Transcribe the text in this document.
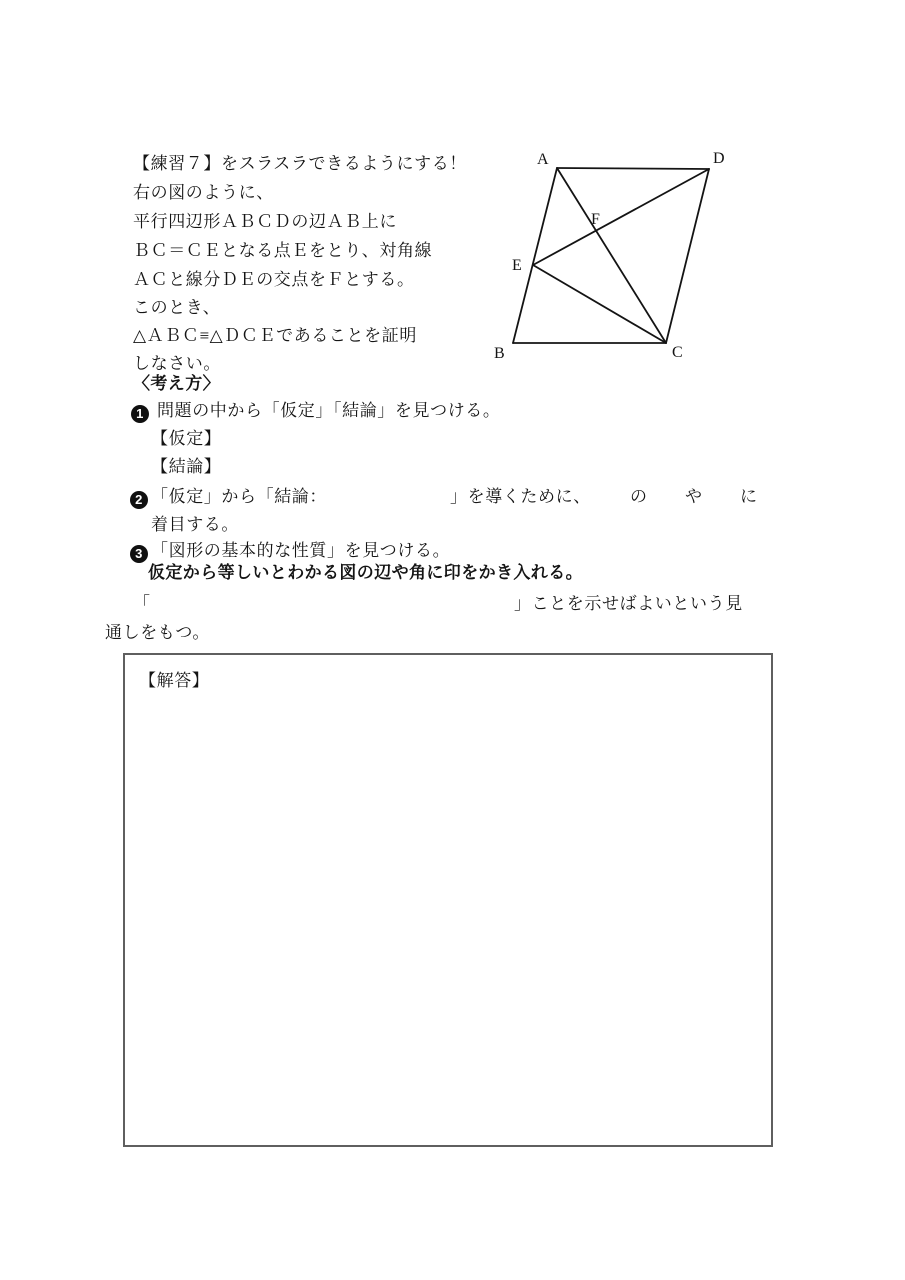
【練習７】をスラスラできるようにする！
右の図のように、
平行四辺形ＡＢＣＤの辺ＡＢ上に
ＢＣ＝ＣＥとなる点Ｅをとり、対角線
ＡＣと線分ＤＥの交点をＦとする。
このとき、
△ＡＢＣ≡△ＤＣＥであることを証明
しなさい。
A
B	C
D
E
F
〈考え方〉
1 問題の中から「仮定」「結論」を見つける。
【仮定】
【結論】
2 「仮定」から「結論：	」を導くために、 の や に
着目する。
3 「図形の基本的な性質」を見つける。
仮定から等しいとわかる図の辺や角に印をかき入れる。
「	」ことを示せばよいという見
通しをもつ。
【解答】
